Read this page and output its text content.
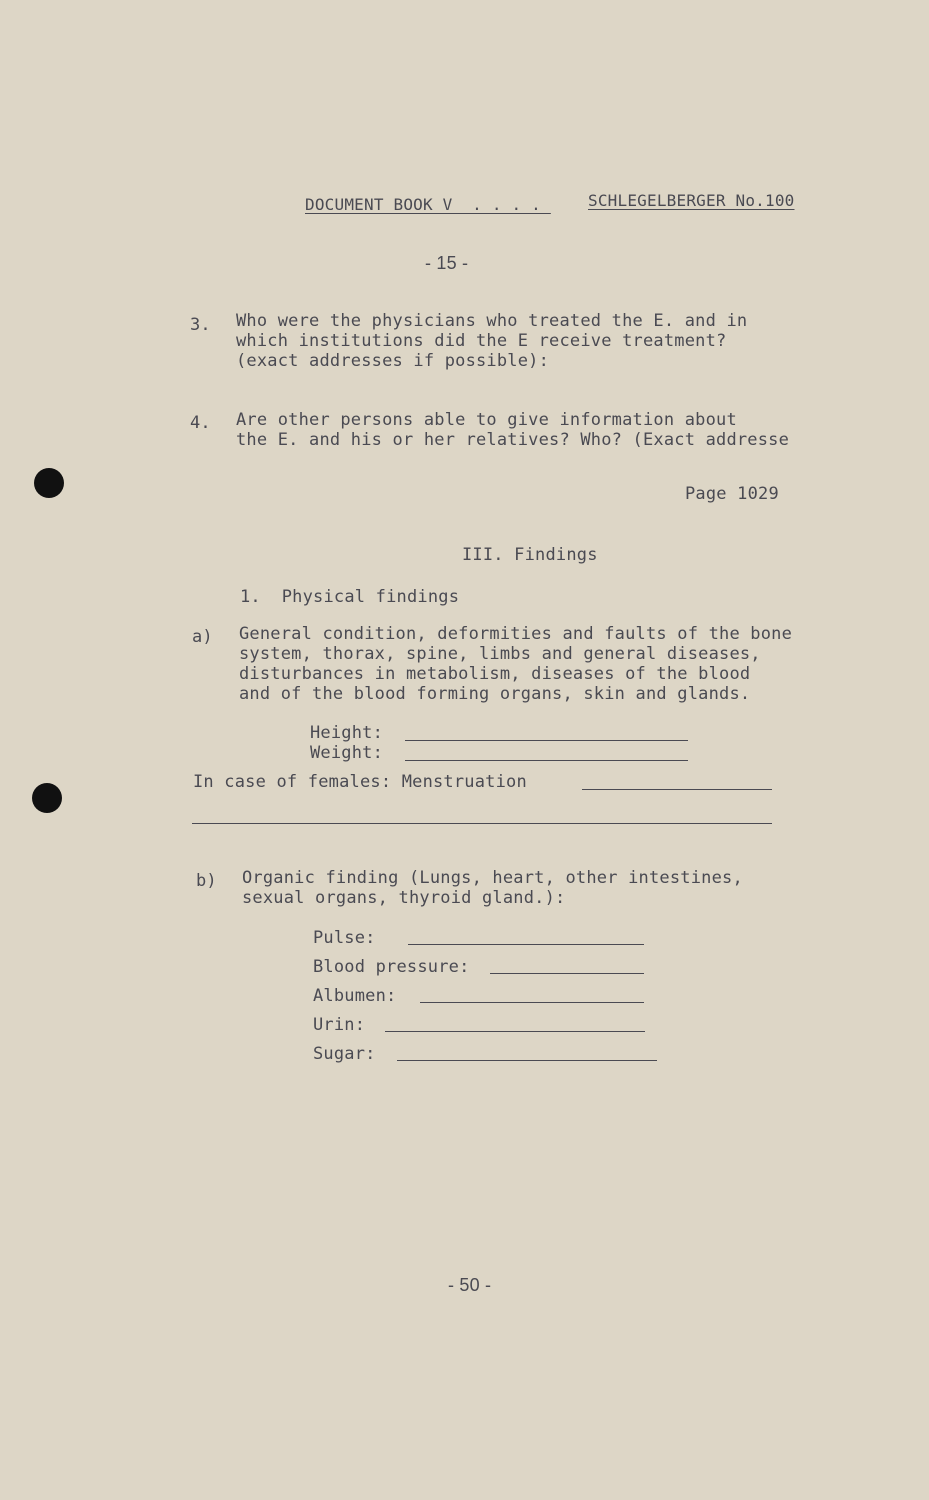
DOCUMENT BOOK V  . . . . SCHLEGELBERGER No.100
- 15 -
3. Who were the physicians who treated the E. and in
which institutions did the E receive treatment?
(exact addresses if possible):
4. Are other persons able to give information about
the E. and his or her relatives? Who? (Exact addresse
Page 1029
III. Findings
1.  Physical findings
a) General condition, deformities and faults of the bone
system, thorax, spine, limbs and general diseases,
disturbances in metabolism, diseases of the blood
and of the blood forming organs, skin and glands.
Height:
Weight:
In case of females: Menstruation
b) Organic finding (Lungs, heart, other intestines,
sexual organs, thyroid gland.):
Pulse:
Blood pressure:
Albumen:
Urin:
Sugar:
- 50 -
